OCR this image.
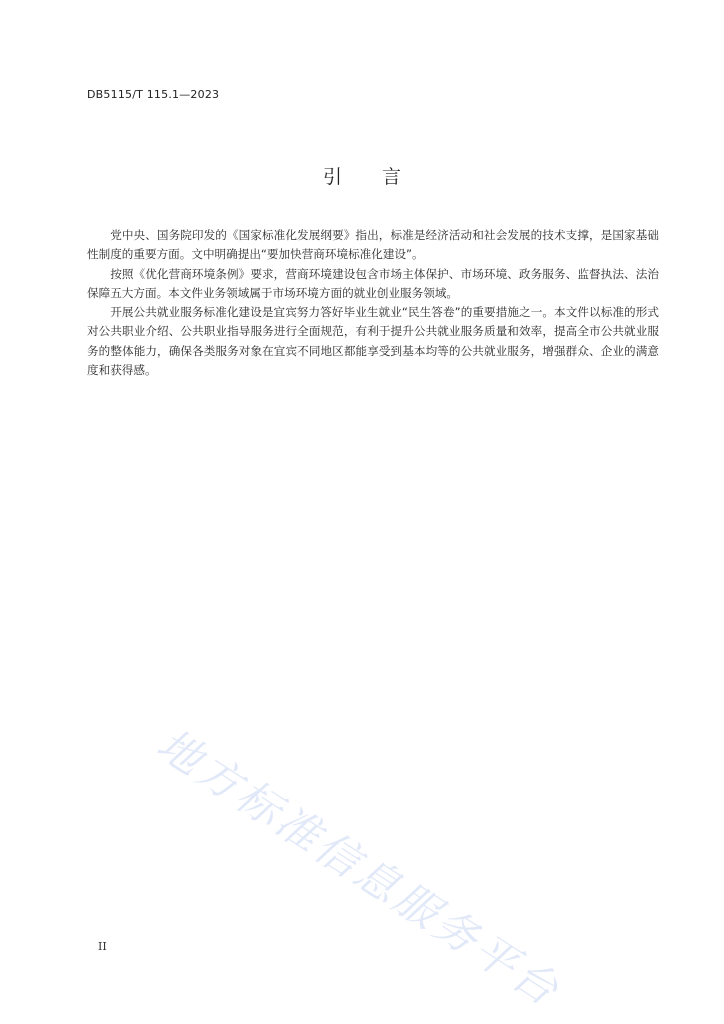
DB5115/T 115.1—2023
引言

党中央、国务院印发的《国家标准化发展纲要》指出，标准是经济活动和社会发展的技术支撑，是国家基础性制度的重要方面。文中明确提出“要加快营商环境标准化建设”。

按照《优化营商环境条例》要求，营商环境建设包含市场主体保护、市场环境、政务服务、监督执法、法治保障五大方面。本文件业务领域属于市场环境方面的就业创业服务领域。

开展公共就业服务标准化建设是宜宾努力答好毕业生就业“民生答卷”的重要措施之一。本文件以标准的形式对公共职业介绍、公共职业指导服务进行全面规范，有利于提升公共就业服务质量和效率，提高全市公共就业服务的整体能力，确保各类服务对象在宜宾不同地区都能享受到基本均等的公共就业服务，增强群众、企业的满意度和获得感。

地方标准信息服务平台
II
